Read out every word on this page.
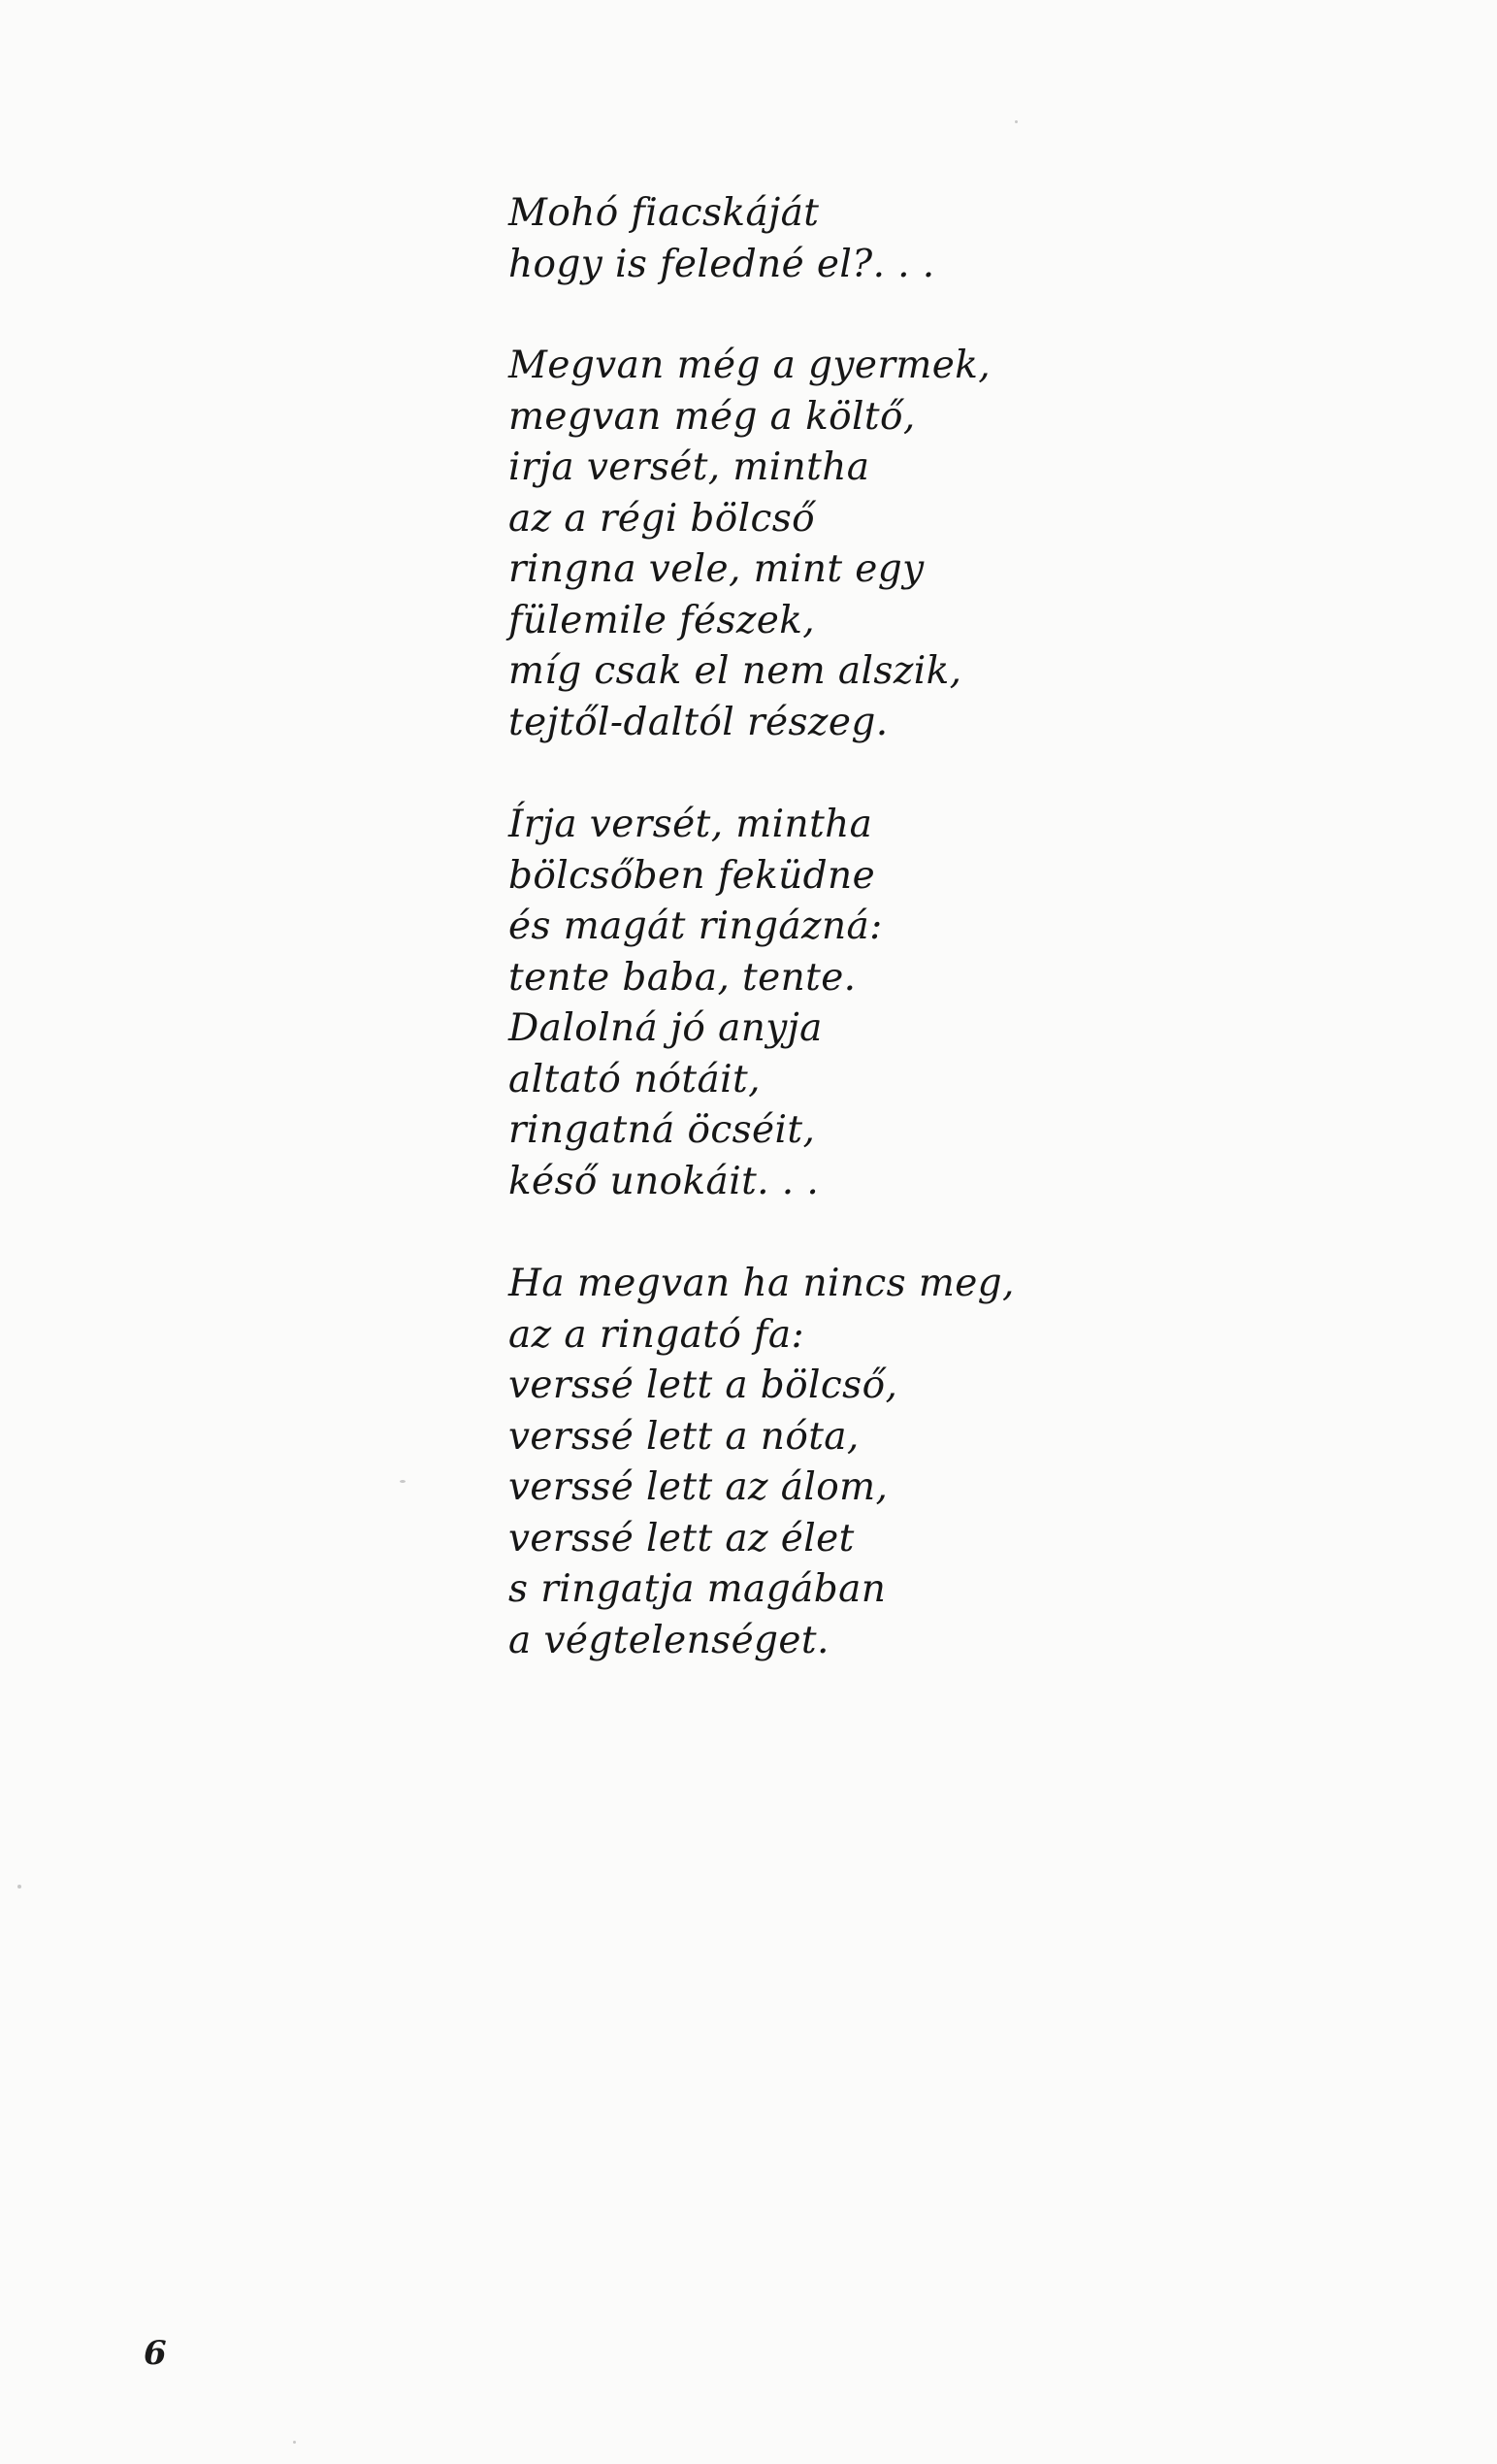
Mohó fiacskáját
hogy is feledné el?. . .
Megvan még a gyermek,
megvan még a költő,
irja versét, mintha
az a régi bölcső
ringna vele, mint egy
fülemile fészek,
míg csak el nem alszik,
tejtől-daltól részeg.
Írja versét, mintha
bölcsőben feküdne
és magát ringázná:
tente baba, tente.
Dalolná jó anyja
altató nótáit,
ringatná öcséit,
késő unokáit. . .
Ha megvan ha nincs meg,
az a ringató fa:
verssé lett a bölcső,
verssé lett a nóta,
verssé lett az álom,
verssé lett az élet
s ringatja magában
a végtelenséget.
6
